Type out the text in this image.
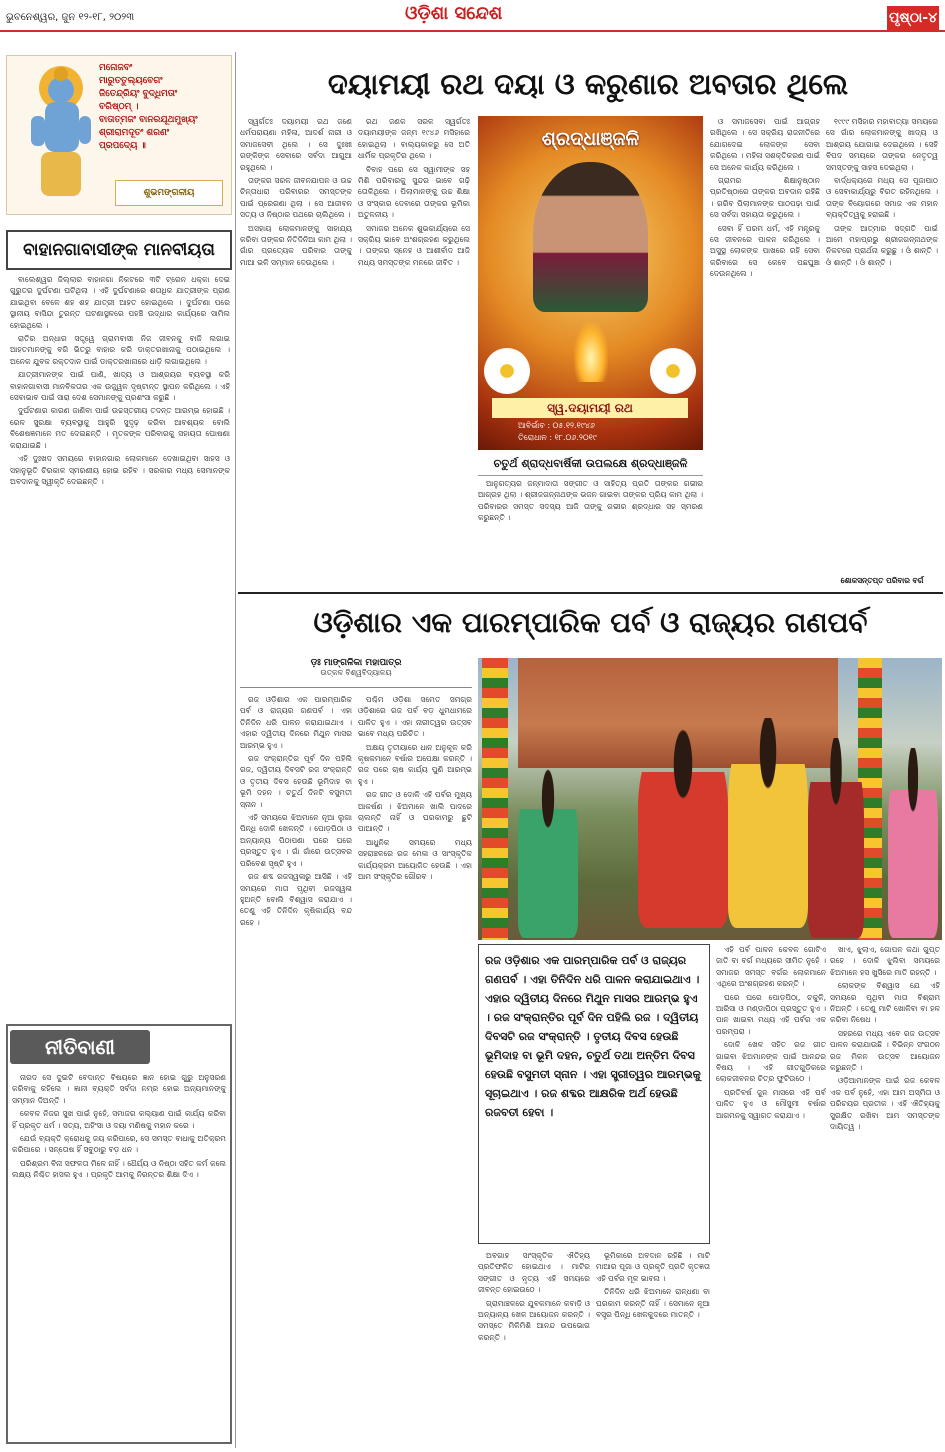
ଭୁବନେଶ୍ୱର, ଜୁନ ୧୨-୧୮, ୨୦୨୩	ଓଡ଼ିଶା ସନ୍ଦେଶ	ପୃଷ୍ଠା-୪
ମନୋଜବଂ
ମାରୁତତୁଲ୍ୟବେଗଂ
ଜିତେନ୍ଦ୍ରିୟଂ ବୁଦ୍ଧିମତାଂ
ବରିଷ୍ଠମ୍ ।
ବାତାତ୍ମଜଂ ବାନରଯୂଥମୁଖ୍ୟଂ
ଶ୍ରୀରାମଦୂତଂ ଶରଣଂ
ପ୍ରପଦ୍ୟେ ॥
ଶୁଭମଙ୍ଗଳୀୟ
ବାହାନଗାବାସୀଙ୍କ ମାନବୀୟତା

ବାଲେଶ୍ୱର ଜିଲ୍ଲାର ବାହାନଗା ନିକଟରେ ୩ଟି ଟ୍ରେନ ଧକ୍କା ଦେଇ ଗୁରୁତର ଦୁର୍ଘଟଣା ଘଟିଥିଲା । ଏହି ଦୁର୍ଘଟଣାରେ ଶତାଧିକ ଯାତ୍ରୀଙ୍କ ପ୍ରାଣ ଯାଇଥିବା ବେଳେ ଶହ ଶହ ଯାତ୍ରୀ ଆହତ ହୋଇଥିଲେ । ଦୁର୍ଘଟଣା ପରେ ସ୍ଥାନୀୟ ବାସିନ୍ଦା ତୁରନ୍ତ ଘଟଣାସ୍ଥଳରେ ପହଞ୍ଚି ଉଦ୍ଧାର କାର୍ଯ୍ୟରେ ସାମିଲ ହୋଇଥିଲେ ।

ରାତିର ଅନ୍ଧାର ସତ୍ତ୍ୱେ ଗ୍ରାମବାସୀ ନିଜ ଜୀବନକୁ ବାଜି ଲଗାଇ ଆହତମାନଙ୍କୁ ବଗି ଭିତରୁ ବାହାର କରି ଡାକ୍ତରଖାନାକୁ ପଠାଇଥିଲେ । ଅନେକ ଯୁବକ ରକ୍ତଦାନ ପାଇଁ ଡାକ୍ତରଖାନାରେ ଧାଡ଼ି ଲଗାଇଥିଲେ ।

ଯାତ୍ରୀମାନଙ୍କ ପାଇଁ ପାଣି, ଖାଦ୍ୟ ଓ ଆଶ୍ରୟର ବ୍ୟବସ୍ଥା କରି ବାହାନଗାବାସୀ ମାନବିକତାର ଏକ ଉଜ୍ଜ୍ୱଳ ଦୃଷ୍ଟାନ୍ତ ସ୍ଥାପନ କରିଥିଲେ । ଏହି ସେବାଭାବ ପାଇଁ ସାରା ଦେଶ ସେମାନଙ୍କୁ ପ୍ରଶଂସା କରୁଛି ।

ଦୁର୍ଘଟଣାର କାରଣ ଜାଣିବା ପାଇଁ ଉଚ୍ଚସ୍ତରୀୟ ତଦନ୍ତ ଆରମ୍ଭ ହୋଇଛି । ରେଳ ସୁରକ୍ଷା ବ୍ୟବସ୍ଥାକୁ ଆହୁରି ସୁଦୃଢ଼ କରିବା ଆବଶ୍ୟକ ବୋଲି ବିଶେଷଜ୍ଞମାନେ ମତ ଦେଇଛନ୍ତି । ମୃତକଙ୍କ ପରିବାରକୁ ସହାୟତା ଘୋଷଣା କରାଯାଇଛି ।

ଏହି ଦୁଃଖଦ ସମୟରେ ବାହାନଗାର ଲୋକମାନେ ଦେଖାଇଥିବା ସାହସ ଓ ସହାନୁଭୂତି ଚିରକାଳ ସ୍ମରଣୀୟ ହୋଇ ରହିବ । ସରକାର ମଧ୍ୟ ସେମାନଙ୍କ ଅବଦାନକୁ ସ୍ୱୀକୃତି ଦେଇଛନ୍ତି ।

ନୀତିବାଣୀ

ନାରଦ ସେ ଦୁଇଟି ବେଦାନ୍ତ ବିଷୟରେ ଜ୍ଞାନ ହୋଇ ଗୁରୁ ଅନୁସରଣ କରିବାକୁ କହିଲେ । ଜ୍ଞାନୀ ବ୍ୟକ୍ତି ସର୍ବଦା ନମ୍ର ହୋଇ ଅନ୍ୟମାନଙ୍କୁ ସମ୍ମାନ ଦିଅନ୍ତି ।

କେବଳ ନିଜର ସୁଖ ପାଇଁ ନୁହେଁ, ସମାଜର କଲ୍ୟାଣ ପାଇଁ କାର୍ଯ୍ୟ କରିବା ହିଁ ପ୍ରକୃତ ଧର୍ମ । ସତ୍ୟ, ଅହିଂସା ଓ ଦୟା ମଣିଷକୁ ମହାନ କରେ ।

ଯେଉଁ ବ୍ୟକ୍ତି କ୍ରୋଧକୁ ଜୟ କରିପାରେ, ସେ ସମସ୍ତ ବାଧାକୁ ଅତିକ୍ରମ କରିପାରେ । ସନ୍ତୋଷ ହିଁ ସବୁଠାରୁ ବଡ଼ ଧନ ।

ପରିଶ୍ରମ ବିନା ସଫଳତା ମିଳେ ନାହିଁ । ଧୈର୍ଯ୍ୟ ଓ ନିଷ୍ଠା ସହିତ କର୍ମ କଲେ ଲକ୍ଷ୍ୟ ନିଶ୍ଚିତ ହାସଲ ହୁଏ । ପ୍ରକୃତି ଆମକୁ ନିରନ୍ତର ଶିକ୍ଷା ଦିଏ ।

ଦୟାମୟୀ ରଥ ଦୟା ଓ କରୁଣାର ଅବତାର ଥିଲେ

ସ୍ୱର୍ଗତଃ ଦୟାମୟୀ ରଥ ଜଣେ ଧର୍ମପରାୟଣା ମହିଳା, ଆଦର୍ଶ ନାରୀ ଓ ସମାଜସେବୀ ଥିଲେ । ସେ ଦୁଃଖୀ ରଙ୍କିଙ୍କ ସେବାରେ ସର୍ବଦା ଆଗୁଆ ରହୁଥିଲେ ।

ତାଙ୍କର ସରଳ ଜୀବନଯାପନ ଓ ଉଚ୍ଚ ଚିନ୍ତାଧାରା ପରିବାରର ସମସ୍ତଙ୍କ ପାଇଁ ପ୍ରେରଣା ଥିଲା । ସେ ଆଜୀବନ ସତ୍ୟ ଓ ନିଷ୍ଠାର ପଥରେ ଚାଲିଥିଲେ ।

ଅସହାୟ ଲୋକମାନଙ୍କୁ ସାହାଯ୍ୟ କରିବା ତାଙ୍କର ନିତିଦିନିଆ କାମ ଥିଲା । ଗାଁର ପ୍ରତ୍ୟେକ ପରିବାର ତାଙ୍କୁ ମାଆ ଭଳି ସମ୍ମାନ ଦେଉଥିଲେ ।

ରଥ ଜଣକ ସରଳ ସ୍ୱର୍ଗତଃ ଦୟାମୟୀଙ୍କ ଜନ୍ମ ୧୯୪୬ ମସିହାରେ ହୋଇଥିଲା । ବାଲ୍ୟକାଳରୁ ସେ ଅତି ଧାର୍ମିକ ପ୍ରକୃତିର ଥିଲେ ।

ବିବାହ ପରେ ସେ ସ୍ୱାମୀଙ୍କ ସହ ମିଶି ପରିବାରକୁ ସୁନ୍ଦର ଭାବେ ଗଢ଼ି ତୋଳିଥିଲେ । ପିଲାମାନଙ୍କୁ ଉଚ୍ଚ ଶିକ୍ଷା ଓ ସଂସ୍କାର ଦେବାରେ ତାଙ୍କର ଭୂମିକା ଅତୁଳନୀୟ ।

ସମାଜର ଅନେକ ଶୁଭକାର୍ଯ୍ୟରେ ସେ ସକ୍ରିୟ ଭାବେ ଅଂଶଗ୍ରହଣ କରୁଥିଲେ । ତାଙ୍କର ସ୍ନେହ ଓ ଆଶୀର୍ବାଦ ଆଜି ମଧ୍ୟ ସମସ୍ତଙ୍କ ମନରେ ଜୀବିତ ।

ଶ୍ରଦ୍ଧାଞ୍ଜଳି
ସ୍ୱ.ଦୟାମୟୀ ରଥ
ଆବିର୍ଭାବ : ୦୫.୧୨.୧୯୪୬
ତିରୋଧାନ : ୧୮.୦୬.୨୦୧୯
ଚତୁର୍ଥ ଶ୍ରାଦ୍ଧବାର୍ଷିକୀ ଉପଲକ୍ଷେ ଶ୍ରଦ୍ଧାଞ୍ଜଳି

ଆନୁଗତ୍ୟର ଜନ୍ମାଦାତା ସଙ୍ଗୀତ ଓ ସାହିତ୍ୟ ପ୍ରତି ତାଙ୍କର ଗଭୀର ଆଗ୍ରହ ଥିଲା । ଶ୍ରୀଜଗନ୍ନାଥଙ୍କ ଭଜନ ଗାଇବା ତାଙ୍କର ପ୍ରିୟ କାମ ଥିଲା । ପରିବାରର ସମସ୍ତ ସଦସ୍ୟ ଆଜି ତାଙ୍କୁ ଗଭୀର ଶ୍ରଦ୍ଧାର ସହ ସ୍ମରଣ କରୁଛନ୍ତି ।

ଓ ସମାଜସେବା ପାଇଁ ଆଗ୍ରହ ରଖିଥିଲେ । ସେ ସକ୍ରିୟ ରାଜନୀତିରେ ଯୋଗଦେଇ ଲୋକଙ୍କ ସେବା କରିଥିଲେ । ମହିଳା ସଶକ୍ତିକରଣ ପାଇଁ ସେ ଅନେକ କାର୍ଯ୍ୟ କରିଥିଲେ ।

ଗ୍ରାମର ଶିକ୍ଷାନୁଷ୍ଠାନ ପ୍ରତିଷ୍ଠାରେ ତାଙ୍କର ଅବଦାନ ରହିଛି । ଗରିବ ପିଲାମାନଙ୍କ ପାଠପଢ଼ା ପାଇଁ ସେ ସର୍ବଦା ସହାୟତା କରୁଥିଲେ ।

ସେବା ହିଁ ପରମ ଧର୍ମ, ଏହି ମନ୍ତ୍ରକୁ ସେ ଜୀବନରେ ପାଳନ କରିଥିଲେ । ଅସୁସ୍ଥ ଲୋକଙ୍କ ପାଖରେ ରହି ସେବା କରିବାରେ ସେ କେବେ ପଛଘୁଞ୍ଚା ଦେଉନଥିଲେ ।

୧୯୯୯ ମସିହାର ମହାବାତ୍ୟା ସମୟରେ ସେ ଗାଁର ଲୋକମାନଙ୍କୁ ଖାଦ୍ୟ ଓ ଆଶ୍ରୟ ଯୋଗାଇ ଦେଇଥିଲେ । ସେହି ବିପଦ ସମୟରେ ତାଙ୍କର ନେତୃତ୍ୱ ସମସ୍ତଙ୍କୁ ସାହସ ଦେଇଥିଲା ।

ବାର୍ଦ୍ଧକ୍ୟରେ ମଧ୍ୟ ସେ ପୂଜାପାଠ ଓ ସେବାକାର୍ଯ୍ୟରୁ ବିରତ ରହିନଥିଲେ । ତାଙ୍କ ବିୟୋଗରେ ସମାଜ ଏକ ମହାନ ବ୍ୟକ୍ତିତ୍ୱକୁ ହରାଇଛି ।

ତାଙ୍କ ଆତ୍ମାର ସଦ୍‌ଗତି ପାଇଁ ଆମେ ମହାପ୍ରଭୁ ଶ୍ରୀଜଗନ୍ନାଥଙ୍କ ନିକଟରେ ପ୍ରାର୍ଥନା କରୁଛୁ । ଓଁ ଶାନ୍ତି । ଓଁ ଶାନ୍ତି । ଓଁ ଶାନ୍ତି ।

ଶୋକସନ୍ତପ୍ତ ପରିବାର ବର୍ଗ
ଓଡ଼ିଶାର ଏକ ପାରମ୍ପାରିକ ପର୍ବ ଓ ରାଜ୍ୟର ଗଣପର୍ବ
ଡ଼ଃ ମାଙ୍ଗଳିକା ମହାପାତ୍ର
ଉତ୍କଳ ବିଶ୍ୱବିଦ୍ୟାଳୟ

ରଜ ଓଡ଼ିଶାର ଏକ ପାରମ୍ପାରିକ ପର୍ବ ଓ ରାଜ୍ୟର ଗଣପର୍ବ । ଏହା ତିନିଦିନ ଧରି ପାଳନ କରାଯାଇଥାଏ । ଏହାର ଦ୍ୱିତୀୟ ଦିନରେ ମିଥୁନ ମାସର ଆରମ୍ଭ ହୁଏ ।

ରଜ ସଂକ୍ରାନ୍ତିର ପୂର୍ବ ଦିନ ପହିଲି ରଜ, ଦ୍ୱିତୀୟ ଦିବସଟି ରଜ ସଂକ୍ରାନ୍ତି ଓ ତୃତୀୟ ଦିବସ ହେଉଛି ଭୂମିଦାହ ବା ଭୂମି ଦହନ । ଚତୁର୍ଥ ଦିନଟି ବସୁମତୀ ସ୍ନାନ ।

ଏହି ସମୟରେ ଝିଅମାନେ ନୂଆ ଲୁଗା ପିନ୍ଧି ଦୋଳି ଖେଳନ୍ତି । ପୋଡ଼ପିଠା ଓ ଅନ୍ୟାନ୍ୟ ପିଠାପଣା ଘରେ ଘରେ ପ୍ରସ୍ତୁତ ହୁଏ । ଗାଁ ଗାଁରେ ଉତ୍ସବର ପରିବେଶ ସୃଷ୍ଟି ହୁଏ ।

ରଜ ଶବ୍ଦ ରଜସ୍ୱଳାରୁ ଆସିଛି । ଏହି ସମୟରେ ମାତା ପୃଥିବୀ ରଜସ୍ୱଳା ହୁଅନ୍ତି ବୋଲି ବିଶ୍ୱାସ କରାଯାଏ । ତେଣୁ ଏହି ତିନିଦିନ କୃଷିକାର୍ଯ୍ୟ ବନ୍ଦ ରହେ ।

ପଶ୍ଚିମ ଓଡ଼ିଶା ସମେତ ସମଗ୍ର ଓଡ଼ିଶାରେ ରଜ ପର୍ବ ବଡ଼ ଧୁମଧାମରେ ପାଳିତ ହୁଏ । ଏହା ନାରୀତ୍ୱର ଉତ୍ସବ ଭାବେ ମଧ୍ୟ ପରିଚିତ ।

ଅକ୍ଷୟ ତୃତୀୟାରେ ଧାନ ଅନୁକୂଳ କରି କୃଷକମାନେ ବର୍ଷାର ଅପେକ୍ଷା କରନ୍ତି । ରଜ ପରେ ଚାଷ କାର୍ଯ୍ୟ ପୁଣି ଆରମ୍ଭ ହୁଏ ।

ରଜ ଗୀତ ଓ ଦୋଳି ଏହି ପର୍ବର ମୁଖ୍ୟ ଆକର୍ଷଣ । ଝିଅମାନେ ଖାଲି ପାଦରେ ଚାଲନ୍ତି ନାହିଁ ଓ ଘରକାମରୁ ଛୁଟି ପାଆନ୍ତି ।

ଆଧୁନିକ ସମୟରେ ମଧ୍ୟ ସହରାଞ୍ଚଳରେ ରଜ ମେଳା ଓ ସାଂସ୍କୃତିକ କାର୍ଯ୍ୟକ୍ରମ ଆୟୋଜିତ ହେଉଛି । ଏହା ଆମ ସଂସ୍କୃତିର ଗୌରବ ।

ରଜ ଓଡ଼ିଶାର ଏକ ପାରମ୍ପାରିକ ପର୍ବ ଓ ରାଜ୍ୟର ଗଣପର୍ବ । ଏହା ତିନିଦିନ ଧରି ପାଳନ କରାଯାଇଥାଏ । ଏହାର ଦ୍ୱିତୀୟ ଦିନରେ ମିଥୁନ ମାସର ଆରମ୍ଭ ହୁଏ । ରଜ ସଂକ୍ରାନ୍ତିର ପୂର୍ବ ଦିନ ପହିଲି ରଜ । ଦ୍ୱିତୀୟ ଦିବସଟି ରଜ ସଂକ୍ରାନ୍ତି । ତୃତୀୟ ଦିବସ ହେଉଛି ଭୂମିଦାହ ବା ଭୂମି ଦହନ, ଚତୁର୍ଥ ତଥା ଅନ୍ତିମ ଦିବସ ହେଉଛି ବସୁମତୀ ସ୍ନାନ । ଏହା ସ୍ତ୍ରୀତ୍ୱର ଆରମ୍ଭକୁ ସୂଚାଇଥାଏ । ରଜ ଶବ୍ଦର ଆକ୍ଷରିକ ଅର୍ଥ ହେଉଛି ରଜବତୀ ହେବା ।

ଅବଗାହ ସାଂସ୍କୃତିକ ଐତିହ୍ୟ ପ୍ରତିଫଳିତ ହୋଇଥାଏ । ମାଟିର ସଙ୍ଗୀତ ଓ ନୃତ୍ୟ ଏହି ସମୟରେ ଜୀବନ୍ତ ହୋଇଉଠେ ।

ଗ୍ରାମାଞ୍ଚଳରେ ଯୁବକମାନେ କବାଡ଼ି ଓ ଅନ୍ୟାନ୍ୟ ଖେଳ ଆୟୋଜନ କରନ୍ତି । ସମସ୍ତେ ମିଳିମିଶି ଆନନ୍ଦ ଉପଭୋଗ କରନ୍ତି ।

ଭୂମିକାରେ ଅବଦାନ ରହିଛି । ମାଟି ମାଆର ପୂଜା ଓ ପ୍ରକୃତି ପ୍ରତି କୃତଜ୍ଞତା ଏହି ପର୍ବର ମୂଳ ଭାବନା ।

ତିନିଦିନ ଧରି ଝିଅମାନେ ରାନ୍ଧଣା ବା ଘରକାମ କରନ୍ତି ନାହିଁ । ସେମାନେ ନୂଆ ବସ୍ତ୍ର ପିନ୍ଧି ଖେଳକୁଦରେ ମାତନ୍ତି ।

ଏହି ପର୍ବ ପାଳନ କେବଳ ଗୋଟିଏ ଜାତି ବା ବର୍ଗ ମଧ୍ୟରେ ସୀମିତ ନୁହେଁ । ସମାଜର ସମସ୍ତ ବର୍ଗର ଲୋକମାନେ ଏଥିରେ ଅଂଶଗ୍ରହଣ କରନ୍ତି ।

ଘରେ ଘରେ ପୋଡ଼ପିଠା, ଚକୁଳି, ଆରିସା ଓ ମଣ୍ଡାପିଠା ପ୍ରସ୍ତୁତ ହୁଏ । ପାନ ଖାଇବା ମଧ୍ୟ ଏହି ପର୍ବର ଏକ ପରମ୍ପରା ।

ଦୋଳି ଖେଳ ସହିତ ରଜ ଗୀତ ଗାଇବା ଝିଅମାନଙ୍କ ପାଇଁ ଆନନ୍ଦର ବିଷୟ । ଏହି ଗୀତଗୁଡ଼ିକରେ ଲୋକଜୀବନର ଚିତ୍ର ଫୁଟିଉଠେ ।

ପ୍ରତିବର୍ଷ ଜୁନ ମାସରେ ଏହି ପର୍ବ ପାଳିତ ହୁଏ ଓ ମୌସୁମୀ ବର୍ଷାର ଆଗମନକୁ ସ୍ୱାଗତ କରାଯାଏ ।

ଖାଏ, ଝୁଲାଏ, ଗୋପନ କଥା ଗୁପ୍ତ ରହେ । ଦୋଳି ଝୁଲିବା ସମୟରେ ଝିଅମାନେ ହସ ଖୁସିରେ ମାତି ରହନ୍ତି ।

ଲୋକଙ୍କ ବିଶ୍ୱାସ ଯେ ଏହି ସମୟରେ ପୃଥିବୀ ମାତା ବିଶ୍ରାମ ନିଅନ୍ତି । ତେଣୁ ମାଟି ଖୋଳିବା ବା ହଳ କରିବା ନିଷେଧ ।

ସହରରେ ମଧ୍ୟ ଏବେ ରଜ ଉତ୍ସବ ପାଳନ କରାଯାଉଛି । ବିଭିନ୍ନ ସଂଗଠନ ରଜ ମିଳନ ଉତ୍ସବ ଆୟୋଜନ କରୁଛନ୍ତି ।

ଓଡ଼ିଆମାନଙ୍କ ପାଇଁ ରଜ କେବଳ ଏକ ପର୍ବ ନୁହେଁ, ଏହା ଆମ ଅସ୍ମିତା ଓ ପରିଚୟର ପ୍ରତୀକ । ଏହି ଐତିହ୍ୟକୁ ସୁରକ୍ଷିତ ରଖିବା ଆମ ସମସ୍ତଙ୍କ ଦାୟିତ୍ୱ ।
